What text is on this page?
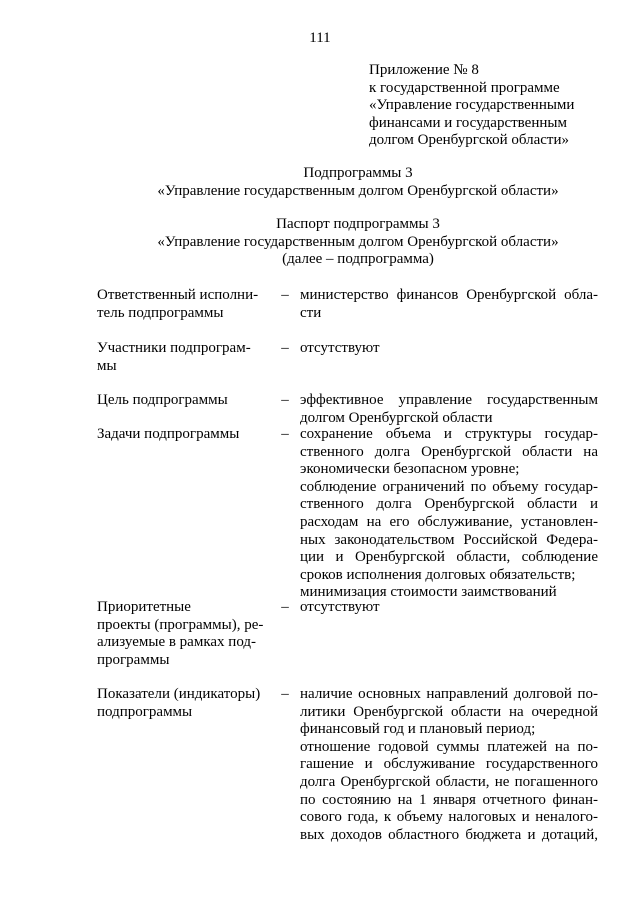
111
Приложение № 8
к государственной программе
«Управление государственными
финансами и государственным
долгом Оренбургской области»
Подпрограммы 3
«Управление государственным долгом Оренбургской области»
Паспорт подпрограммы 3
«Управление государственным долгом Оренбургской области»
(далее – подпрограмма)
Ответственный исполни-
тель подпрограммы
– министерство финансов Оренбургской обла-
сти
Участники подпрограм-
мы
– отсутствуют
Цель подпрограммы	– эффективное управление государственным
долгом Оренбургской области
Задачи подпрограммы	– сохранение объема и структуры государ-
ственного долга Оренбургской области на
экономически безопасном уровне;
соблюдение ограничений по объему государ-
ственного долга Оренбургской области и
расходам на его обслуживание, установлен-
ных законодательством Российской Федера-
ции и Оренбургской области, соблюдение
сроков исполнения долговых обязательств;
минимизация стоимости заимствований
Приоритетные
проекты (программы), ре-
ализуемые в рамках под-
программы
– отсутствуют
Показатели (индикаторы)
подпрограммы
– наличие основных направлений долговой по-
литики Оренбургской области на очередной
финансовый год и плановый период;
отношение годовой суммы платежей на по-
гашение и обслуживание государственного
долга Оренбургской области, не погашенного
по состоянию на 1 января отчетного финан-
сового года, к объему налоговых и неналого-
вых доходов областного бюджета и дотаций,
